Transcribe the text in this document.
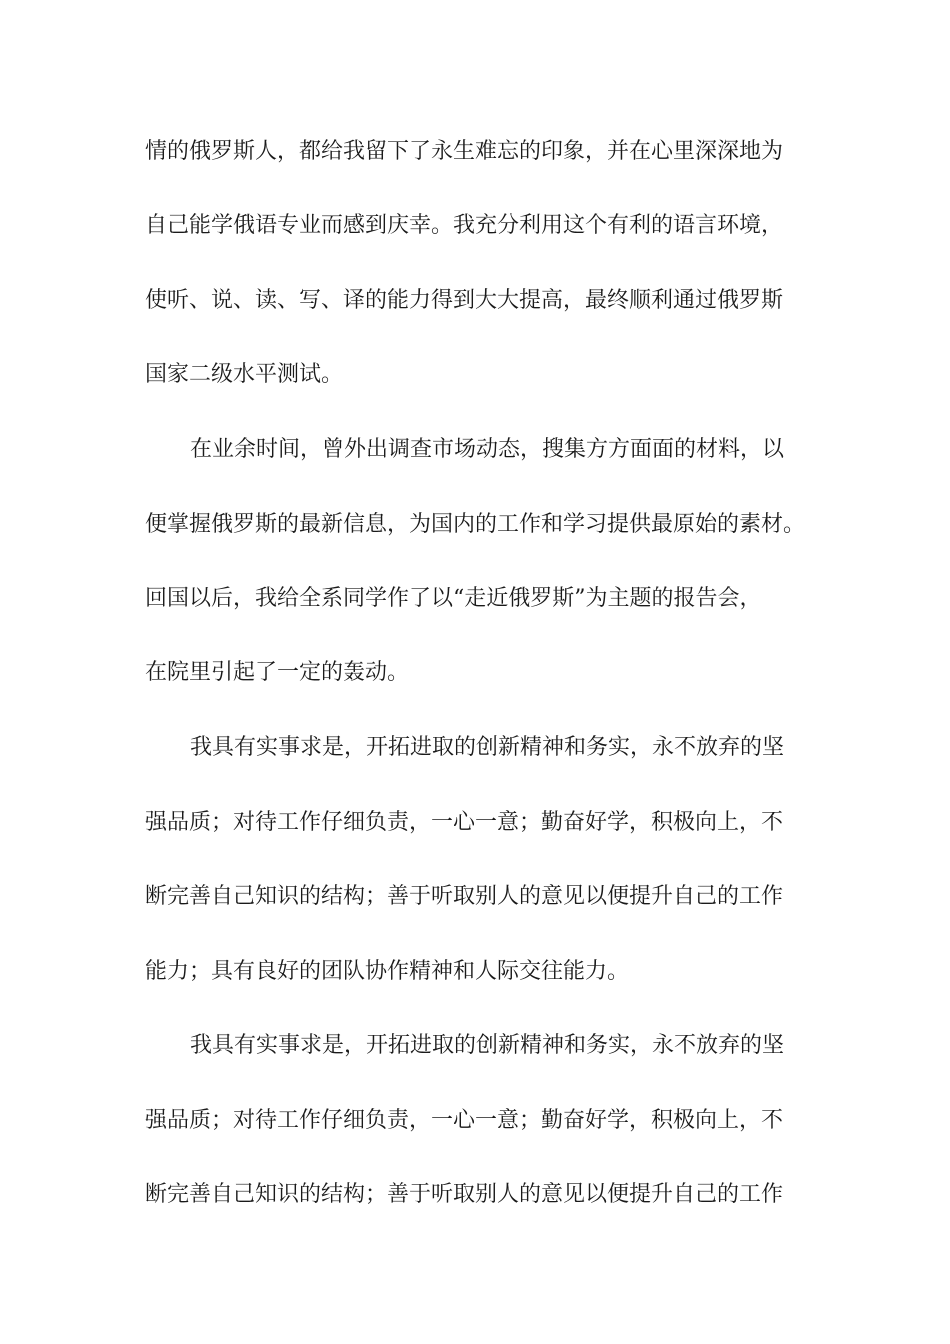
情的俄罗斯人，都给我留下了永生难忘的印象，并在心里深深地为
自己能学俄语专业而感到庆幸。我充分利用这个有利的语言环境，
使听、说、读、写、译的能力得到大大提高，最终顺利通过俄罗斯
国家二级水平测试。
在业余时间，曾外出调查市场动态，搜集方方面面的材料，以
便掌握俄罗斯的最新信息，为国内的工作和学习提供最原始的素材。
回国以后，我给全系同学作了以“走近俄罗斯”为主题的报告会，
在院里引起了一定的轰动。
我具有实事求是，开拓进取的创新精神和务实，永不放弃的坚
强品质；对待工作仔细负责，一心一意；勤奋好学，积极向上，不
断完善自己知识的结构；善于听取别人的意见以便提升自己的工作
能力；具有良好的团队协作精神和人际交往能力。
我具有实事求是，开拓进取的创新精神和务实，永不放弃的坚
强品质；对待工作仔细负责，一心一意；勤奋好学，积极向上，不
断完善自己知识的结构；善于听取别人的意见以便提升自己的工作
